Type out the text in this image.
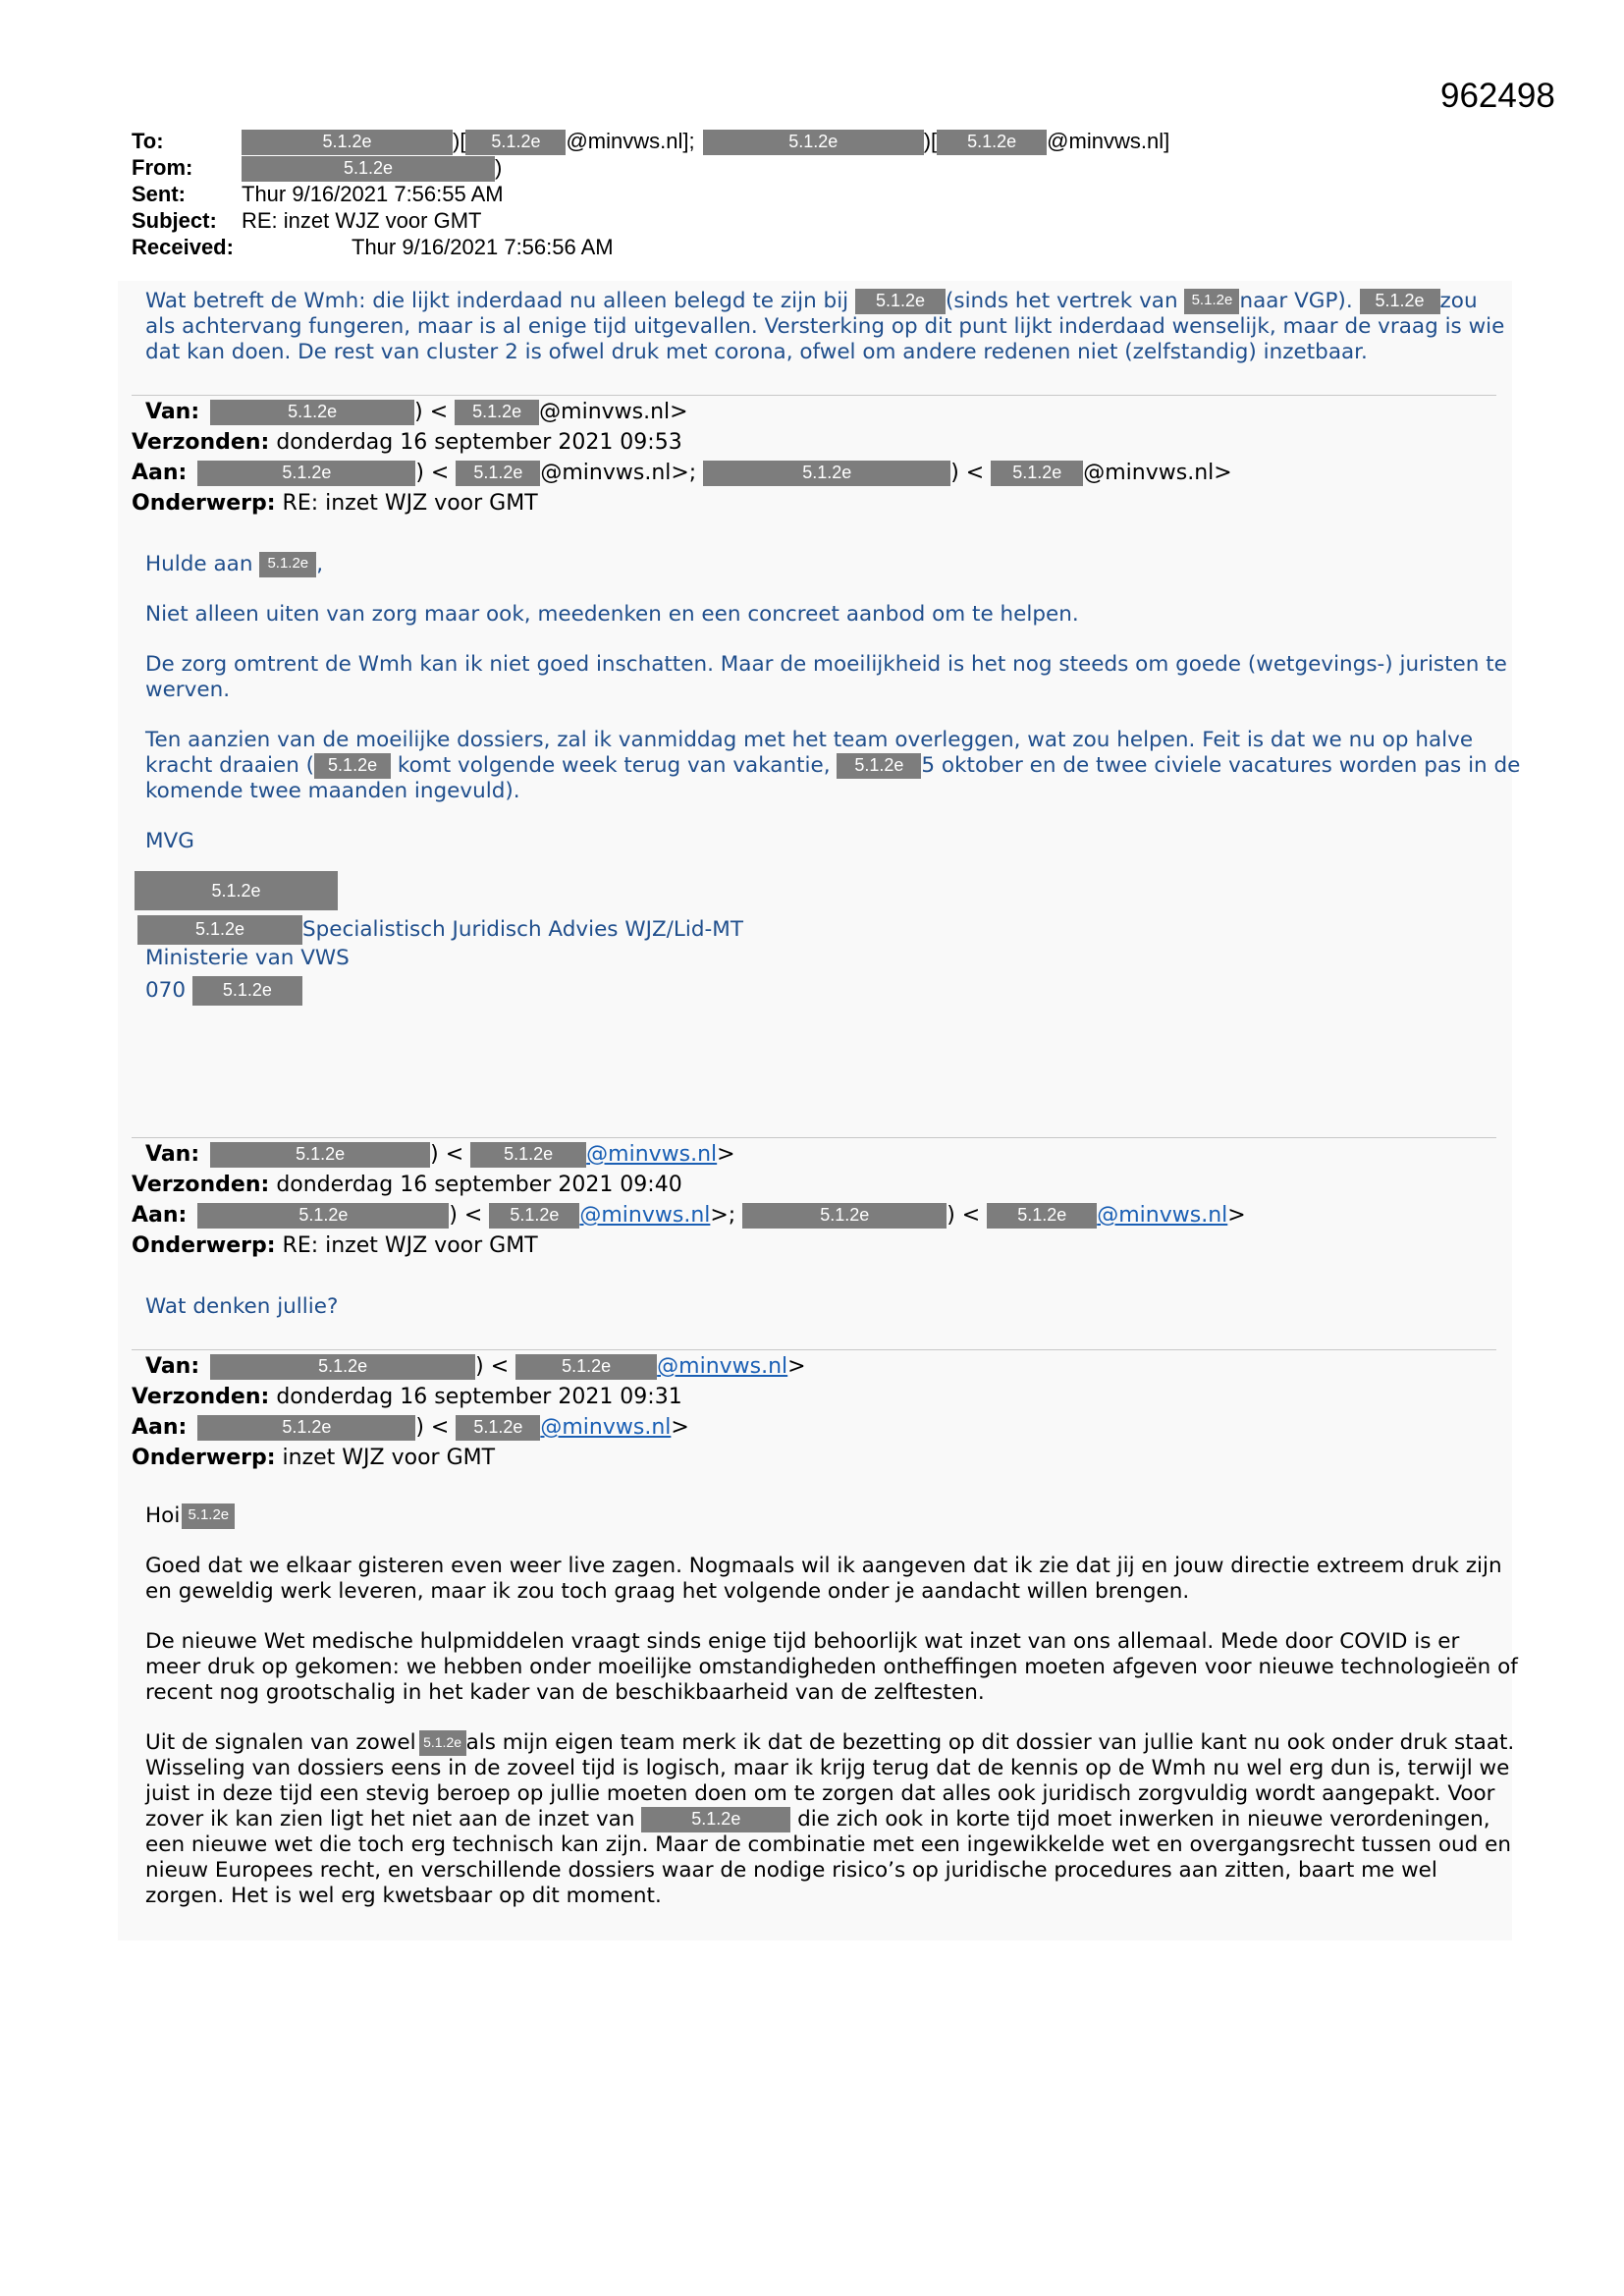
962498
To:	5.1.2e	)[ 5.1.2e @minvws.nl];	5.1.2e	)[ 5.1.2e @minvws.nl]
From:	5.1.2e	)
Sent:	Thur 9/16/2021 7:56:55 AM
Subject: RE: inzet WJZ voor GMT
Received:	Thur 9/16/2021 7:56:56 AM
Wat betreft de Wmh: die lijkt inderdaad nu alleen belegd te zijn bij 5.1.2e (sinds het vertrek van 5.1.2e naar VGP). 5.1.2e zou
als achtervang fungeren, maar is al enige tijd uitgevallen. Versterking op dit punt lijkt inderdaad wenselijk, maar de vraag is wie
dat kan doen. De rest van cluster 2 is ofwel druk met corona, ofwel om andere redenen niet (zelfstandig) inzetbaar.
Van:	5.1.2e	) < 5.1.2e @minvws.nl>
Verzonden: donderdag 16 september 2021 09:53
Aan:	5.1.2e	) < 5.1.2e @minvws.nl>;	5.1.2e	) < 5.1.2e @minvws.nl>
Onderwerp: RE: inzet WJZ voor GMT
Hulde aan 5.1.2e ,
Niet alleen uiten van zorg maar ook, meedenken en een concreet aanbod om te helpen.
De zorg omtrent de Wmh kan ik niet goed inschatten. Maar de moeilijkheid is het nog steeds om goede (wetgevings-) juristen te
werven.
Ten aanzien van de moeilijke dossiers, zal ik vanmiddag met het team overleggen, wat zou helpen. Feit is dat we nu op halve
kracht draaien ( 5.1.2e komt volgende week terug van vakantie, 5.1.2e 5 oktober en de twee civiele vacatures worden pas in de
komende twee maanden ingevuld).
MVG
5.1.2e
5.1.2e	Specialistisch Juridisch Advies WJZ/Lid-MT
Ministerie van VWS
070 5.1.2e
Van:	5.1.2e	) < 5.1.2e @minvws.nl>
Verzonden: donderdag 16 september 2021 09:40
Aan:	5.1.2e	) < 5.1.2e @minvws.nl>;	5.1.2e	) < 5.1.2e @minvws.nl>
Onderwerp: RE: inzet WJZ voor GMT
Wat denken jullie?
Van:	5.1.2e	) <	5.1.2e @minvws.nl>
Verzonden: donderdag 16 september 2021 09:31
Aan:	5.1.2e	) < 5.1.2e @minvws.nl>
Onderwerp: inzet WJZ voor GMT
Hoi 5.1.2e
Goed dat we elkaar gisteren even weer live zagen. Nogmaals wil ik aangeven dat ik zie dat jij en jouw directie extreem druk zijn
en geweldig werk leveren, maar ik zou toch graag het volgende onder je aandacht willen brengen.
De nieuwe Wet medische hulpmiddelen vraagt sinds enige tijd behoorlijk wat inzet van ons allemaal. Mede door COVID is er
meer druk op gekomen: we hebben onder moeilijke omstandigheden ontheffingen moeten afgeven voor nieuwe technologieën of
recent nog grootschalig in het kader van de beschikbaarheid van de zelftesten.
Uit de signalen van zowel 5.1.2e als mijn eigen team merk ik dat de bezetting op dit dossier van jullie kant nu ook onder druk staat.
Wisseling van dossiers eens in de zoveel tijd is logisch, maar ik krijg terug dat de kennis op de Wmh nu wel erg dun is, terwijl we
juist in deze tijd een stevig beroep op jullie moeten doen om te zorgen dat alles ook juridisch zorgvuldig wordt aangepakt. Voor
zover ik kan zien ligt het niet aan de inzet van	5.1.2e	die zich ook in korte tijd moet inwerken in nieuwe verordeningen,
een nieuwe wet die toch erg technisch kan zijn. Maar de combinatie met een ingewikkelde wet en overgangsrecht tussen oud en
nieuw Europees recht, en verschillende dossiers waar de nodige risico’s op juridische procedures aan zitten, baart me wel
zorgen. Het is wel erg kwetsbaar op dit moment.
